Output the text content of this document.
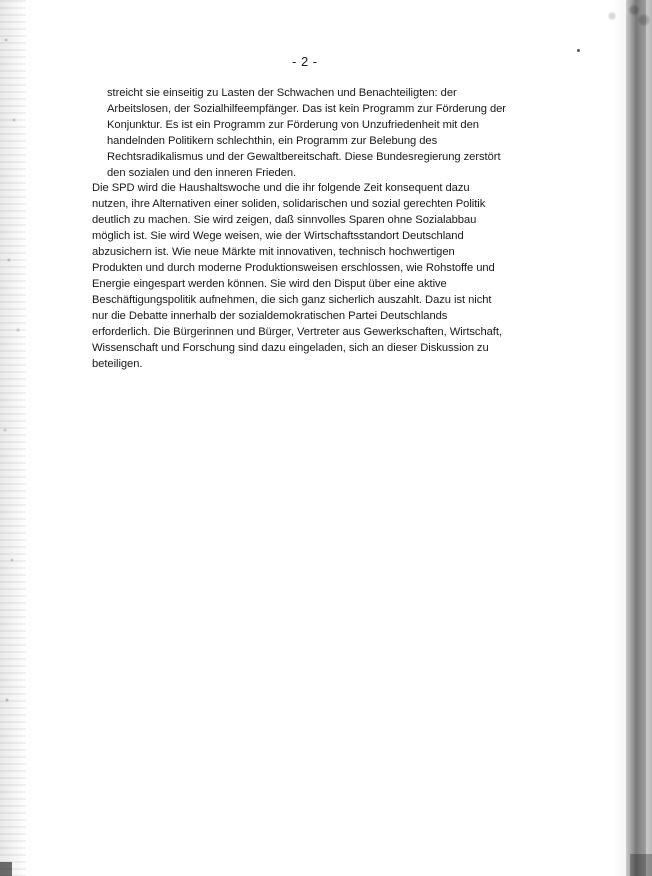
- 2 -
streicht sie einseitig zu Lasten der Schwachen und Benachteiligten: der
Arbeitslosen, der Sozialhilfeempfänger. Das ist kein Programm zur Förderung der
Konjunktur. Es ist ein Programm zur Förderung von Unzufriedenheit mit den
handelnden Politikern schlechthin, ein Programm zur Belebung des
Rechtsradikalismus und der Gewaltbereitschaft. Diese Bundesregierung zerstört
den sozialen und den inneren Frieden.
Die SPD wird die Haushaltswoche und die ihr folgende Zeit konsequent dazu
nutzen, ihre Alternativen einer soliden, solidarischen und sozial gerechten Politik
deutlich zu machen. Sie wird zeigen, daß sinnvolles Sparen ohne Sozialabbau
möglich ist. Sie wird Wege weisen, wie der Wirtschaftsstandort Deutschland
abzusichern ist. Wie neue Märkte mit innovativen, technisch hochwertigen
Produkten und durch moderne Produktionsweisen erschlossen, wie Rohstoffe und
Energie eingespart werden können. Sie wird den Disput über eine aktive
Beschäftigungspolitik aufnehmen, die sich ganz sicherlich auszahlt. Dazu ist nicht
nur die Debatte innerhalb der sozialdemokratischen Partei Deutschlands
erforderlich. Die Bürgerinnen und Bürger, Vertreter aus Gewerkschaften, Wirtschaft,
Wissenschaft und Forschung sind dazu eingeladen, sich an dieser Diskussion zu
beteiligen.
